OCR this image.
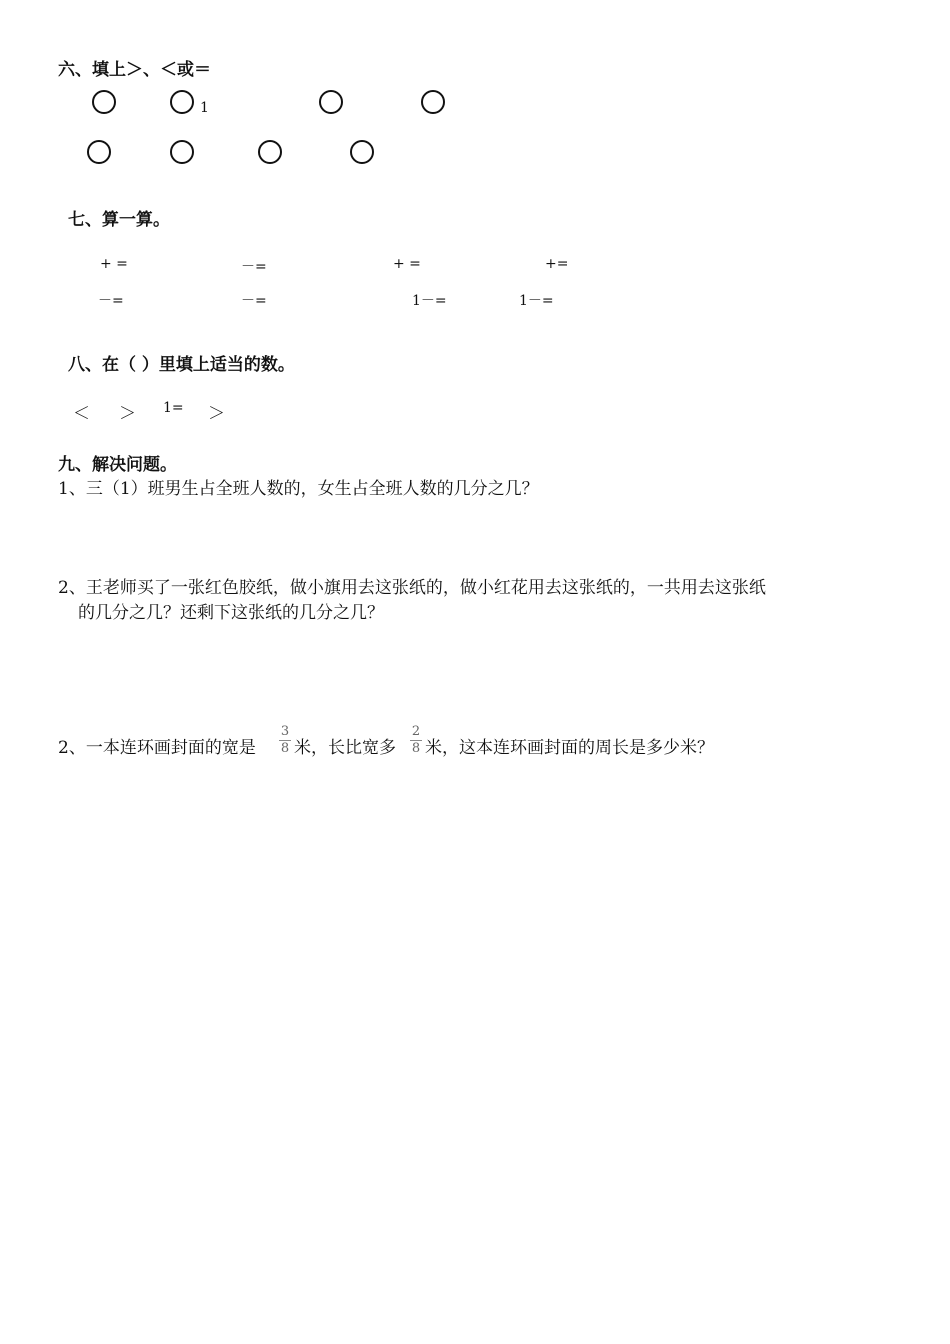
六、填上＞、＜或＝
1
七、算一算。
+ =	－=	+ =	+=
－=	－=	1－=	1－=
八、在（ ）里填上适当的数。
＜ ＞ 1= ＞
九、解决问题。
1、三（1）班男生占全班人数的，女生占全班人数的几分之几？
2、王老师买了一张红色胶纸，做小旗用去这张纸的，做小红花用去这张纸的，一共用去这张纸
的几分之几？还剩下这张纸的几分之几？
2、一本连环画封面的宽是
3
8 米，长比宽多
2
8 米，这本连环画封面的周长是多少米？
